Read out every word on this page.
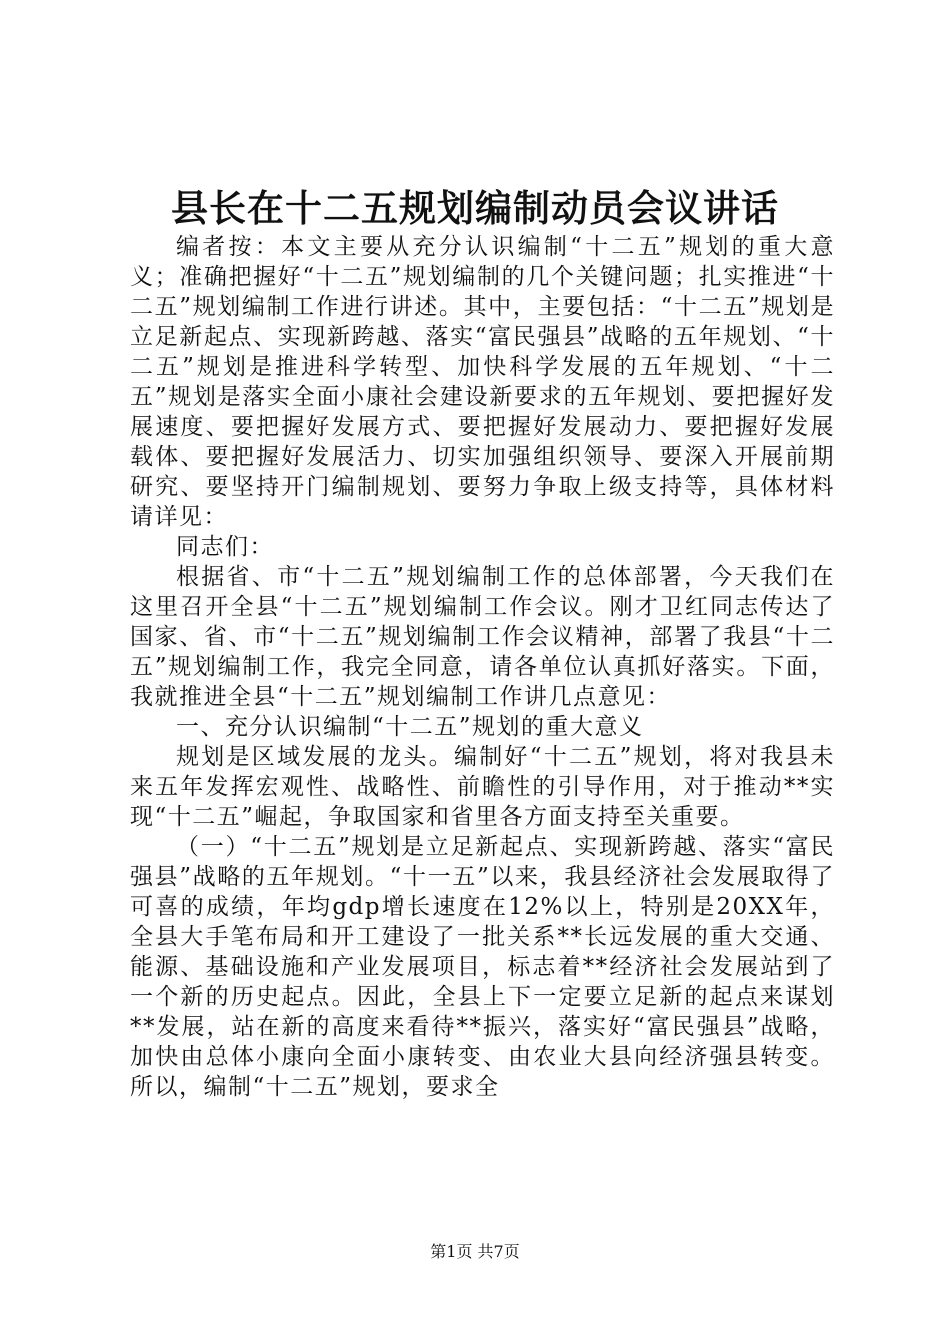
县长在十二五规划编制动员会议讲话

编者按：本文主要从充分认识编制“十二五”规划的重大意义；准确把握好“十二五”规划编制的几个关键问题；扎实推进“十二五”规划编制工作进行讲述。其中，主要包括：“十二五”规划是立足新起点、实现新跨越、落实“富民强县”战略的五年规划、“十二五”规划是推进科学转型、加快科学发展的五年规划、“十二五”规划是落实全面小康社会建设新要求的五年规划、要把握好发展速度、要把握好发展方式、要把握好发展动力、要把握好发展载体、要把握好发展活力、切实加强组织领导、要深入开展前期研究、要坚持开门编制规划、要努力争取上级支持等，具体材料请详见：

同志们：

根据省、市“十二五”规划编制工作的总体部署，今天我们在这里召开全县“十二五”规划编制工作会议。刚才卫红同志传达了国家、省、市“十二五”规划编制工作会议精神，部署了我县“十二五”规划编制工作，我完全同意，请各单位认真抓好落实。下面，我就推进全县“十二五”规划编制工作讲几点意见：

一、充分认识编制“十二五”规划的重大意义

规划是区域发展的龙头。编制好“十二五”规划，将对我县未来五年发挥宏观性、战略性、前瞻性的引导作用，对于推动**实现“十二五”崛起，争取国家和省里各方面支持至关重要。

（一）“十二五”规划是立足新起点、实现新跨越、落实“富民强县”战略的五年规划。“十一五”以来，我县经济社会发展取得了可喜的成绩，年均gdp增长速度在12%以上，特别是20XX年，全县大手笔布局和开工建设了一批关系**长远发展的重大交通、能源、基础设施和产业发展项目，标志着**经济社会发展站到了一个新的历史起点。因此，全县上下一定要立足新的起点来谋划**发展，站在新的高度来看待**振兴，落实好“富民强县”战略，加快由总体小康向全面小康转变、由农业大县向经济强县转变。所以，编制“十二五”规划，要求全

第1页 共7页
